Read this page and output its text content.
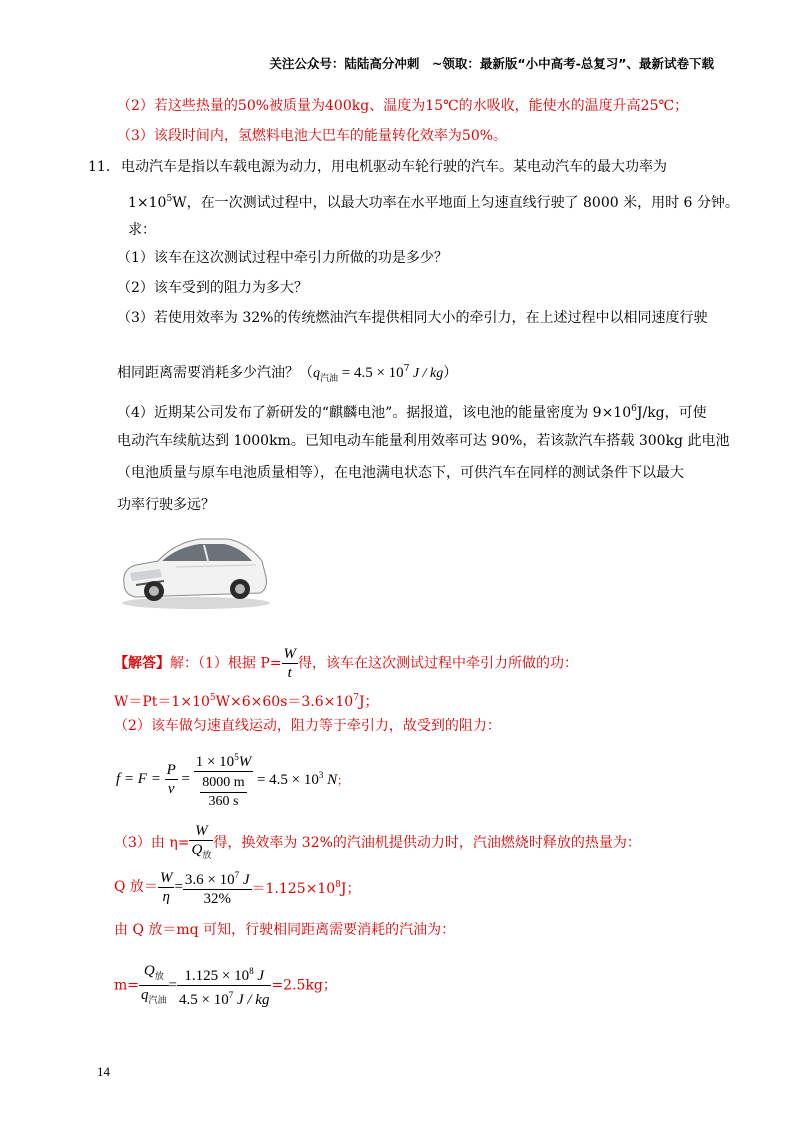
关注公众号：陆陆高分冲刺　~领取：最新版“小中高考-总复习”、最新试卷下载
（2）若这些热量的50%被质量为400kg、温度为15℃的水吸收，能使水的温度升高25℃；
（3）该段时间内，氢燃料电池大巴车的能量转化效率为50%。
11. 电动汽车是指以车载电源为动力，用电机驱动车轮行驶的汽车。某电动汽车的最大功率为
$1\times 10^5W$，在一次测试过程中，以最大功率在水平地面上匀速直线行驶了 8000 米，用时 6 分钟。
求：
（1）该车在这次测试过程中牵引力所做的功是多少？
（2）该车受到的阻力为多大？
（3）若使用效率为 32%的传统燃油汽车提供相同大小的牵引力，在上述过程中以相同速度行驶
相同距离需要消耗多少汽油？（$q_{汽油} = 4.5 \times 10^7$ J / kg）
（4）近期某公司发布了新研发的“麒麟电池”。据报道，该电池的能量密度为 $9\times 10^6J/kg$，可使
电动汽车续航达到 1000km。已知电动车能量利用效率可达 90%，若该款汽车搭载 300kg 此电池
（电池质量与原车电池质量相等），在电池满电状态下，可供汽车在同样的测试条件下以最大
功率行驶多远？
【解答】解：（1）根据 $P= \frac{W}{t}$ 得，该车在这次测试过程中牵引力所做的功：
$W=Pt=1\times 10^5W\times 6\times 60s=3.6\times 10^7J$；
（2）该车做匀速直线运动，阻力等于牵引力，故受到的阻力：
$f = F = \frac{P}{v} = \frac{1 \times 10^5W}{\frac{8000 m}{360 s}} = 4.5 \times 10^3$ N；
（3）由 $\eta= \frac{W}{Q_放}$ 得，换效率为 32%的汽油机提供动力时，汽油燃烧时释放的热量为：
Q 放＝ $\frac{W}{\eta} = \frac{3.6 \times 10^7 J}{32\%} =1.125\times 10^8J$；
由 Q 放＝mq 可知，行驶相同距离需要消耗的汽油为：
$m= \frac{Q_放}{q_{汽油}} = \frac{1.125 \times 10^8 J}{4.5 \times 10^7 J / kg} =2.5kg$；
14
